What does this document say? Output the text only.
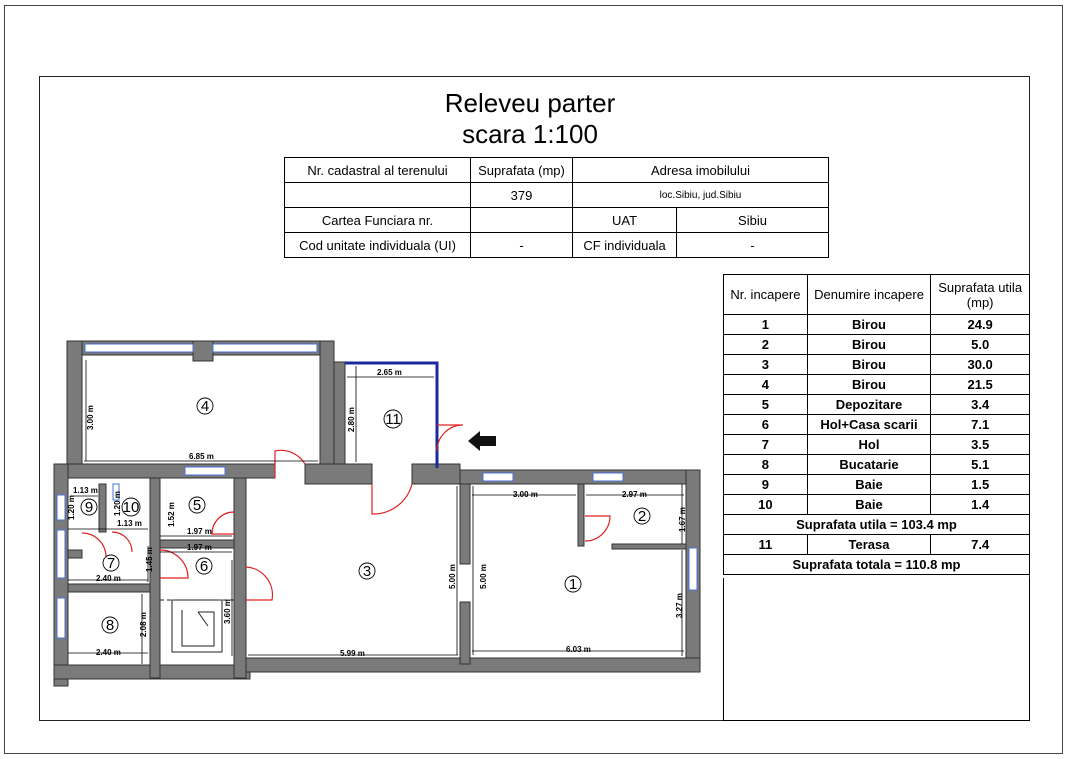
Releveu parter
scara 1:100
Nr. cadastral al terenului	Suprafata (mp)	Adresa imobilului	
	379	loc.Sibiu, jud.Sibiu	
Cartea Funciara nr.		UAT	Sibiu
Cod unitate individuala (UI)	-	CF individuala	-
Nr. incapere	Denumire incapere	Suprafata utila (mp)
1	Birou	24.9
2	Birou	5.0
3	Birou	30.0
4	Birou	21.5
5	Depozitare	3.4
6	Hol+Casa scarii	7.1
7	Hol	3.5
8	Bucatarie	5.1
9	Baie	1.5
10	Baie	1.4
Suprafata utila = 103.4 mp		
11	Terasa	7.4
Suprafata totala = 110.8 mp		
2.65 m
2.80 m
3.00 m
6.85 m
1.13 m
1.20 m	1.20 m
1.13 m	1.52 m
1.97 m
1.97 m
1.45 m
2.40 m
2.08 m
2.40 m
3.60 m
5.99 m
5.00 m	5.00 m
3.00 m	2.97 m
1.67 m
3.27 m
6.03 m
1
2
3
4
5
6
7
8
9 10
11
